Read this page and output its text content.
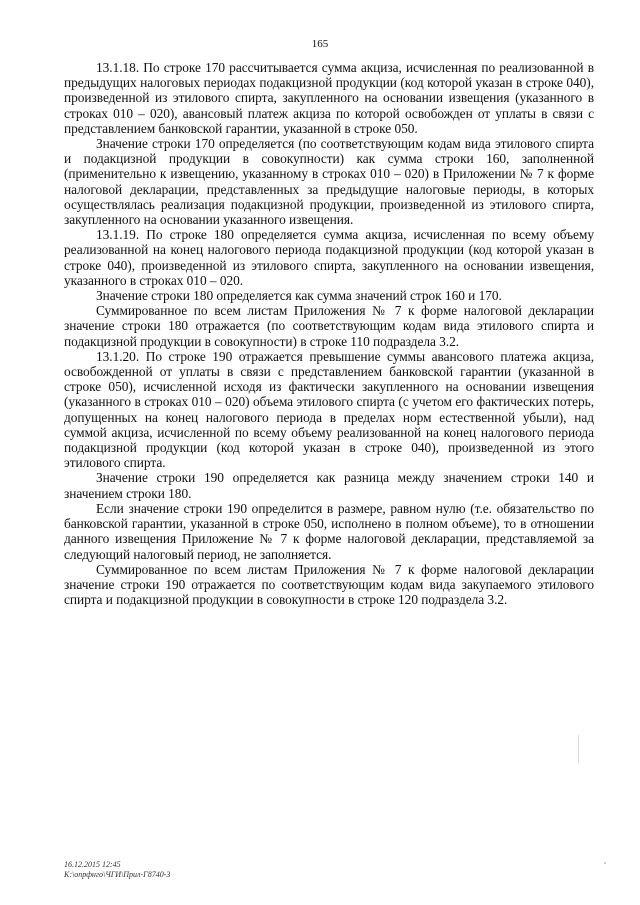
165

13.1.18. По строке 170 рассчитывается сумма акциза, исчисленная по реализованной в предыдущих налоговых периодах подакцизной продукции (код которой указан в строке 040), произведенной из этилового спирта, закупленного на основании извещения (указанного в строках 010 – 020), авансовый платеж акциза по которой освобожден от уплаты в связи с представлением банковской гарантии, указанной в строке 050.

Значение строки 170 определяется (по соответствующим кодам вида этилового спирта и подакцизной продукции в совокупности) как сумма строки 160, заполненной (применительно к извещению, указанному в строках 010 – 020) в Приложении № 7 к форме налоговой декларации, представленных за предыдущие налоговые периоды, в которых осуществлялась реализация подакцизной продукции, произведенной из этилового спирта, закупленного на основании указанного извещения.

13.1.19. По строке 180 определяется сумма акциза, исчисленная по всему объему реализованной на конец налогового периода подакцизной продукции (код которой указан в строке 040), произведенной из этилового спирта, закупленного на основании извещения, указанного в строках 010 – 020.

Значение строки 180 определяется как сумма значений строк 160 и 170.

Суммированное по всем листам Приложения № 7 к форме налоговой декларации значение строки 180 отражается (по соответствующим кодам вида этилового спирта и подакцизной продукции в совокупности) в строке 110 подраздела 3.2.

13.1.20. По строке 190 отражается превышение суммы авансового платежа акциза, освобожденной от уплаты в связи с представлением банковской гарантии (указанной в строке 050), исчисленной исходя из фактически закупленного на основании извещения (указанного в строках 010 – 020) объема этилового спирта (с учетом его фактических потерь, допущенных на конец налогового периода в пределах норм естественной убыли), над суммой акциза, исчисленной по всему объему реализованной на конец налогового периода подакцизной продукции (код которой указан в строке 040), произведенной из этого этилового спирта.

Значение строки 190 определяется как разница между значением строки 140 и значением строки 180.

Если значение строки 190 определится в размере, равном нулю (т.е. обязательство по банковской гарантии, указанной в строке 050, исполнено в полном объеме), то в отношении данного извещения Приложение № 7 к форме налоговой декларации, представляемой за следующий налоговый период, не заполняется.

Суммированное по всем листам Приложения № 7 к форме налоговой декларации значение строки 190 отражается по соответствующим кодам вида закупаемого этилового спирта и подакцизной продукции в совокупности в строке 120 подраздела 3.2.

16.12.2015 12:45
К:\опрфнго\ЧГИ\Прил-Г8740-3
